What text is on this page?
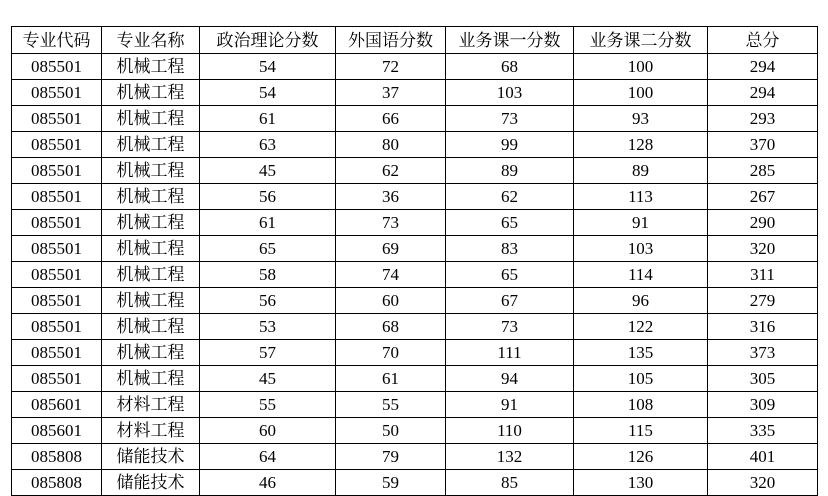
专业代码	专业名称	政治理论分数	外国语分数	业务课一分数	业务课二分数	总分
085501	机械工程	54	72	68	100	294
085501	机械工程	54	37	103	100	294
085501	机械工程	61	66	73	93	293
085501	机械工程	63	80	99	128	370
085501	机械工程	45	62	89	89	285
085501	机械工程	56	36	62	113	267
085501	机械工程	61	73	65	91	290
085501	机械工程	65	69	83	103	320
085501	机械工程	58	74	65	114	311
085501	机械工程	56	60	67	96	279
085501	机械工程	53	68	73	122	316
085501	机械工程	57	70	111	135	373
085501	机械工程	45	61	94	105	305
085601	材料工程	55	55	91	108	309
085601	材料工程	60	50	110	115	335
085808	储能技术	64	79	132	126	401
085808	储能技术	46	59	85	130	320
